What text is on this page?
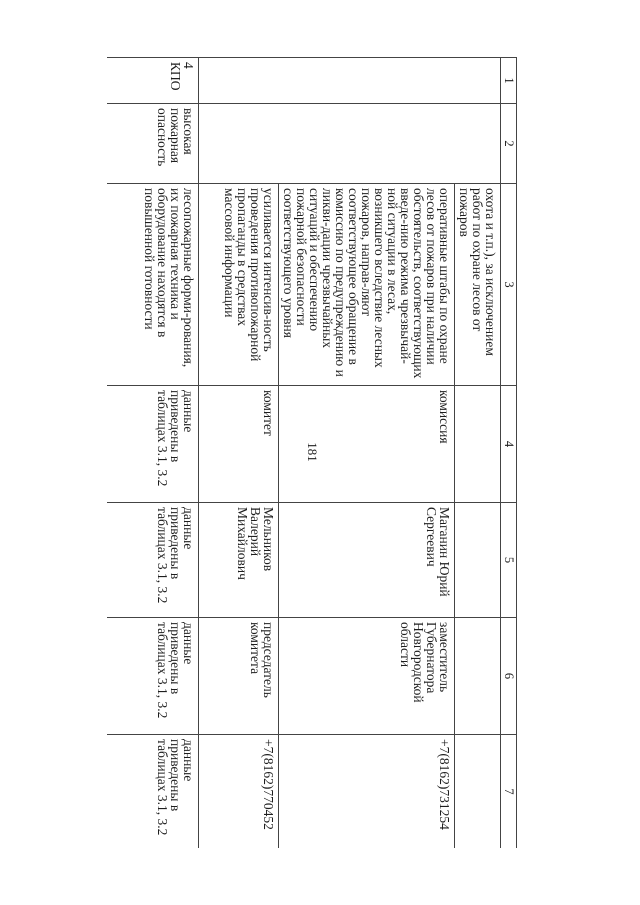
181
1	2	3	4	5	6	7
		охота и т.п.), за исключением работ по охране лесов от пожаров				
		оперативные штабы по охране лесов от пожаров при наличии обстоятельств, соответствующих введе-нию режима чрезвычай-ной ситуации в лесах, возникшего вследствие лесных пожаров, направ-ляют соответствующее обращение в комиссию по предупреждению и ликви-дации чрезвычайных ситуаций и обеспечению пожарной безопасности соответствующего уровня	комиссия	Маганин Юрий Сергеевич	заместитель Губернатора Новгородской области	+7(8162)731254
		усиливается интенсив-ность проведения противопожарной пропаганды в средствах массовой информации	комитет	Мельников Валерий Михайлович	председатель комитета	+7(8162)770452
4 КПО	высокая пожарная опасность	лесопожарные форми-рования, их пожарная техника и оборудование находятся в повышенной готовности	данные приведены в таблицах 3.1, 3.2	данные приведены в таблицах 3.1, 3.2	данные приведены в таблицах 3.1, 3.2	данные приведены в таблицах 3.1, 3.2
